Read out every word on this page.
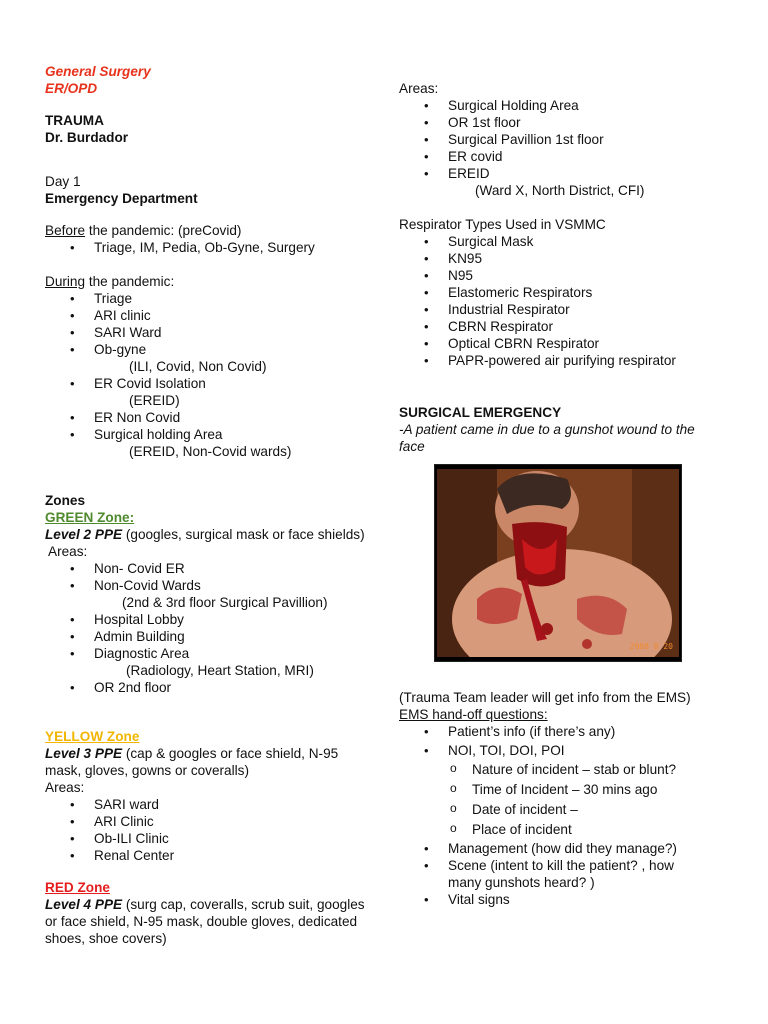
General Surgery
ER/OPD
TRAUMA
Dr. Burdador
Day 1
Emergency Department
Before the pandemic: (preCovid)
• Triage, IM, Pedia, Ob-Gyne, Surgery
During the pandemic:
• Triage
• ARI clinic
• SARI Ward
• Ob-gyne
(ILI, Covid, Non Covid)
• ER Covid Isolation
(EREID)
• ER Non Covid
• Surgical holding Area
(EREID, Non-Covid wards)
Zones
GREEN Zone:
Level 2 PPE (googles, surgical mask or face shields)
Areas:
• Non- Covid ER
• Non-Covid Wards
(2nd & 3rd floor Surgical Pavillion)
• Hospital Lobby
• Admin Building
• Diagnostic Area
(Radiology, Heart Station, MRI)
• OR 2nd floor
YELLOW Zone
Level 3 PPE (cap & googles or face shield, N-95 mask, gloves, gowns or coveralls)
Areas:
• SARI ward
• ARI Clinic
• Ob-ILI Clinic
• Renal Center
RED Zone
Level 4 PPE (surg cap, coveralls, scrub suit, googles or face shield, N-95 mask, double gloves, dedicated shoes, shoe covers)
Areas:
• Surgical Holding Area
• OR 1st floor
• Surgical Pavillion 1st floor
• ER covid
• EREID
(Ward X, North District, CFI)
Respirator Types Used in VSMMC
• Surgical Mask
• KN95
• N95
• Elastomeric Respirators
• Industrial Respirator
• CBRN Respirator
• Optical CBRN Respirator
• PAPR-powered air purifying respirator
SURGICAL EMERGENCY
-A patient came in due to a gunshot wound to the face
2008 8 20
(Trauma Team leader will get info from the EMS)
EMS hand-off questions:
• Patient’s info (if there’s any)
• NOI, TOI, DOI, POI
o Nature of incident – stab or blunt?
o Time of Incident – 30 mins ago
o Date of incident –
o Place of incident
• Management (how did they manage?)
• Scene (intent to kill the patient? , how many gunshots heard? )
• Vital signs
